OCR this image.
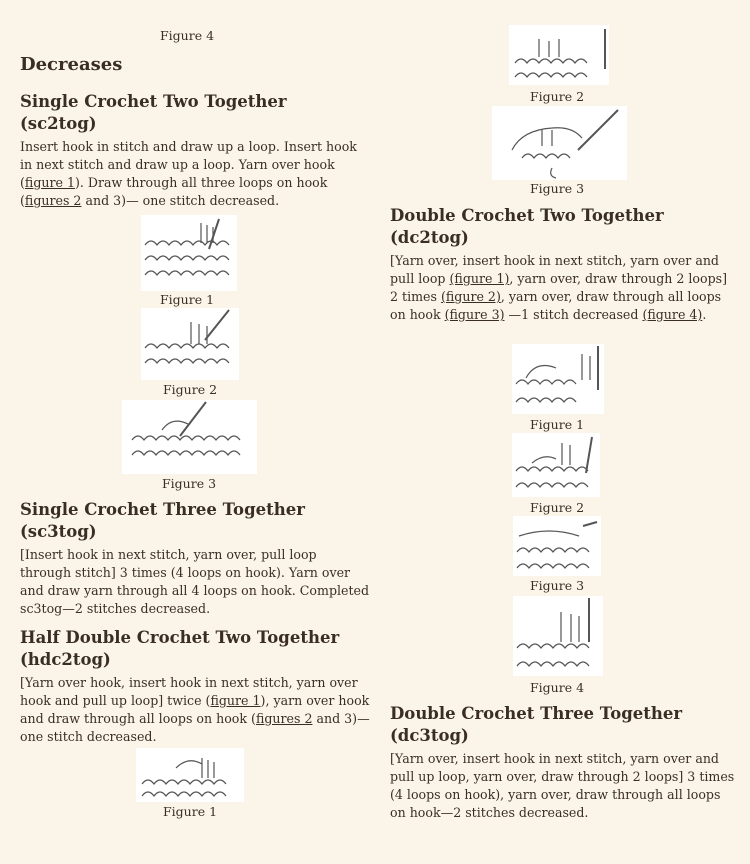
Figure 4
Decreases
Single Crochet Two Together
(sc2tog)

Insert hook in stitch and draw up a loop. Insert hook in next stitch and draw up a loop. Yarn over hook (figure 1). Draw through all three loops on hook (figures 2 and 3)— one stitch decreased.

Figure 1
Figure 2
Figure 3
Single Crochet Three Together
(sc3tog)

[Insert hook in next stitch, yarn over, pull loop through stitch] 3 times (4 loops on hook). Yarn over and draw yarn through all 4 loops on hook. Completed sc3tog—2 stitches decreased.

Half Double Crochet Two Together
(hdc2tog)

[Yarn over hook, insert hook in next stitch, yarn over hook and pull up loop] twice (figure 1), yarn over hook and draw through all loops on hook (figures 2 and 3)—one stitch decreased.

Figure 1
Figure 2
Figure 3
Double Crochet Two Together
(dc2tog)

[Yarn over, insert hook in next stitch, yarn over and pull loop (figure 1), yarn over, draw through 2 loops] 2 times (figure 2), yarn over, draw through all loops on hook (figure 3) —1 stitch decreased (figure 4).

Figure 1
Figure 2
Figure 3
Figure 4
Double Crochet Three Together
(dc3tog)

[Yarn over, insert hook in next stitch, yarn over and pull up loop, yarn over, draw through 2 loops] 3 times (4 loops on hook), yarn over, draw through all loops on hook—2 stitches decreased.
